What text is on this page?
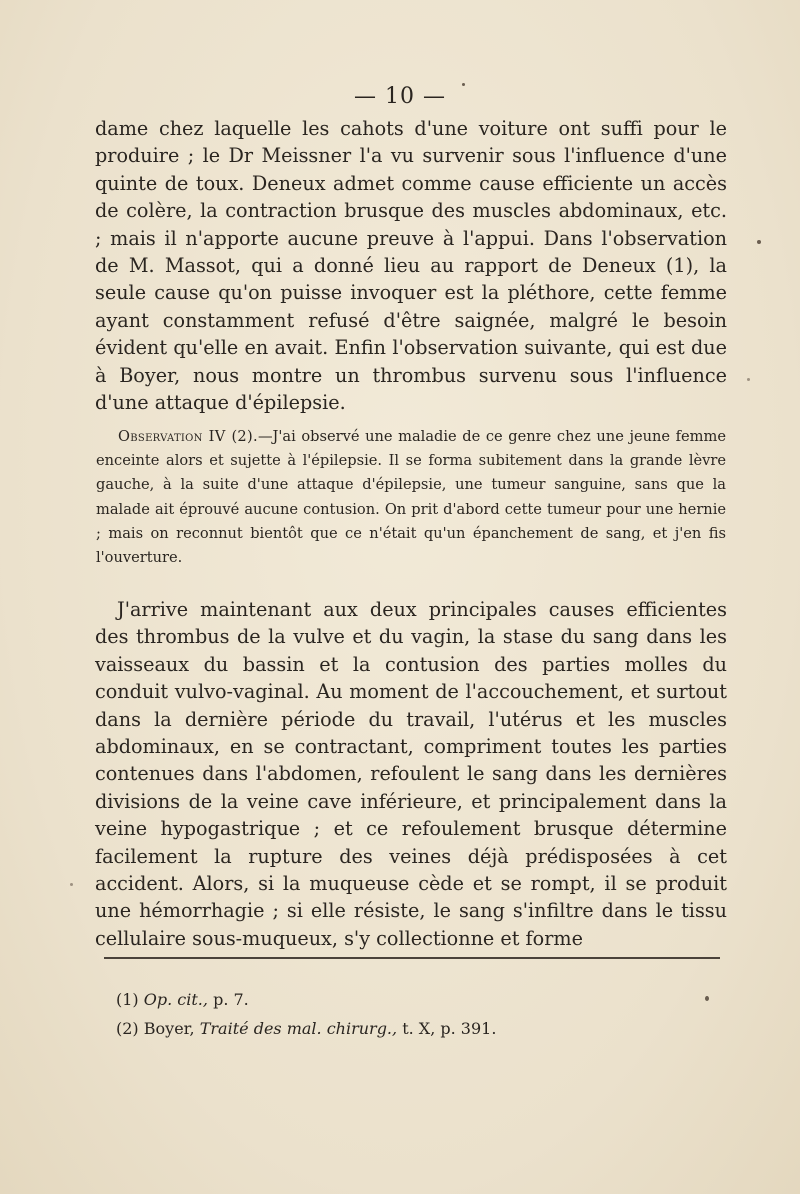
— 10 —

dame chez laquelle les cahots d'une voiture ont suffi pour le produire ; le Dr Meissner l'a vu survenir sous l'influence d'une quinte de toux. Deneux admet comme cause efficiente un accès de colère, la contraction brusque des muscles abdominaux, etc. ; mais il n'apporte aucune preuve à l'appui. Dans l'observation de M. Massot, qui a donné lieu au rapport de Deneux (1), la seule cause qu'on puisse invoquer est la pléthore, cette femme ayant constamment refusé d'être saignée, malgré le besoin évident qu'elle en avait. Enfin l'observation suivante, qui est due à Boyer, nous montre un thrombus survenu sous l'influence d'une attaque d'épilepsie.

Observation IV (2).—J'ai observé une maladie de ce genre chez une jeune femme enceinte alors et sujette à l'épilepsie. Il se forma subitement dans la grande lèvre gauche, à la suite d'une attaque d'épilepsie, une tumeur sanguine, sans que la malade ait éprouvé aucune contusion. On prit d'abord cette tumeur pour une hernie ; mais on reconnut bientôt que ce n'était qu'un épanchement de sang, et j'en fis l'ouverture.

J'arrive maintenant aux deux principales causes efficientes des thrombus de la vulve et du vagin, la stase du sang dans les vaisseaux du bassin et la contusion des parties molles du conduit vulvo-vaginal. Au moment de l'accouchement, et surtout dans la dernière période du travail, l'utérus et les muscles abdominaux, en se contractant, compriment toutes les parties contenues dans l'abdomen, refoulent le sang dans les dernières divisions de la veine cave inférieure, et principalement dans la veine hypogastrique ; et ce refoulement brusque détermine facilement la rupture des veines déjà prédisposées à cet accident. Alors, si la muqueuse cède et se rompt, il se produit une hémorrhagie ; si elle résiste, le sang s'infiltre dans le tissu cellulaire sous-muqueux, s'y collectionne et forme

(1) Op. cit., p. 7.

(2) Boyer, Traité des mal. chirurg., t. X, p. 391.
